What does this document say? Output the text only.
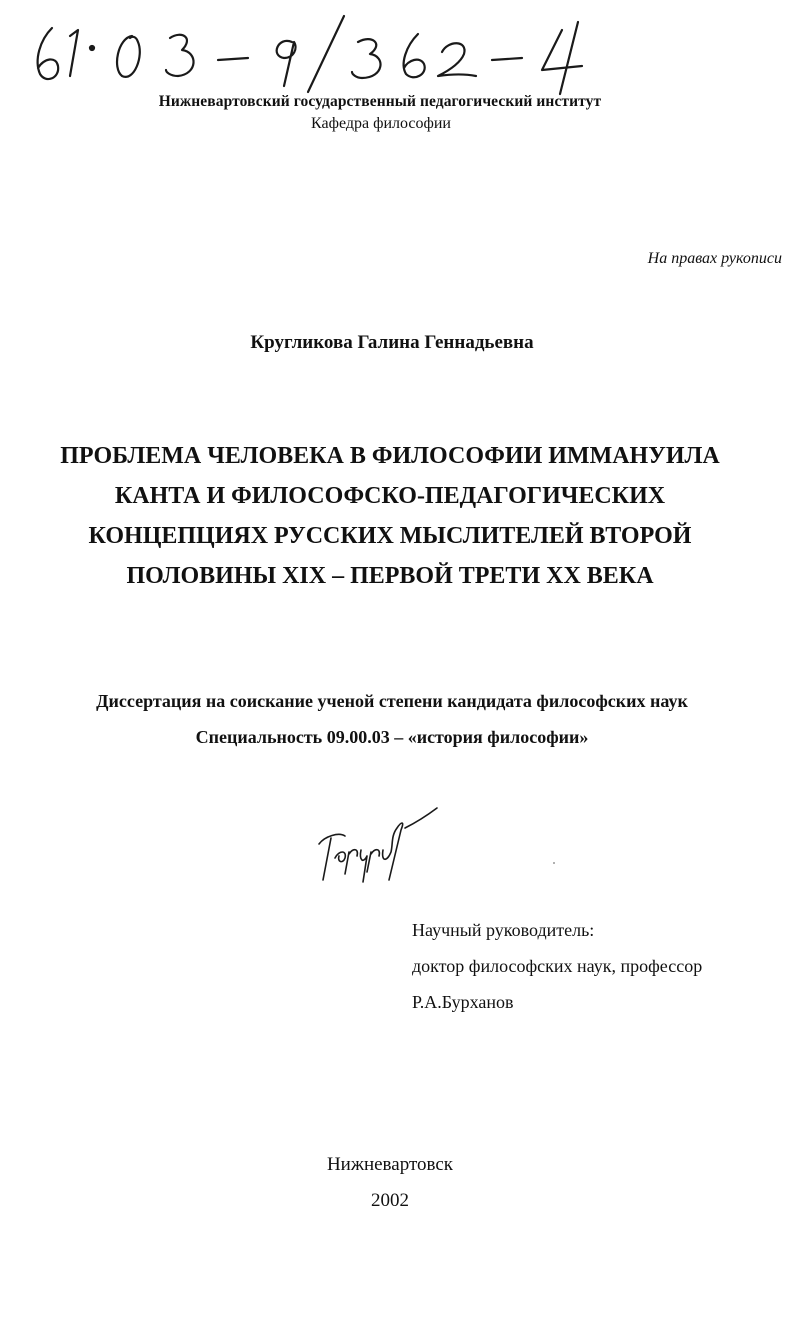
Нижневартовский государственный педагогический институт
Кафедра философии
На правах рукописи
Кругликова Галина Геннадьевна
ПРОБЛЕМА ЧЕЛОВЕКА В ФИЛОСОФИИ ИММАНУИЛА
КАНТА И ФИЛОСОФСКО-ПЕДАГОГИЧЕСКИХ
КОНЦЕПЦИЯХ РУССКИХ МЫСЛИТЕЛЕЙ ВТОРОЙ
ПОЛОВИНЫ XIX – ПЕРВОЙ ТРЕТИ XX ВЕКА
Диссертация на соискание ученой степени кандидата философских наук
Специальность 09.00.03 – «история философии»
Научный руководитель:
доктор философских наук, профессор
Р.А.Бурханов
Нижневартовск
2002
